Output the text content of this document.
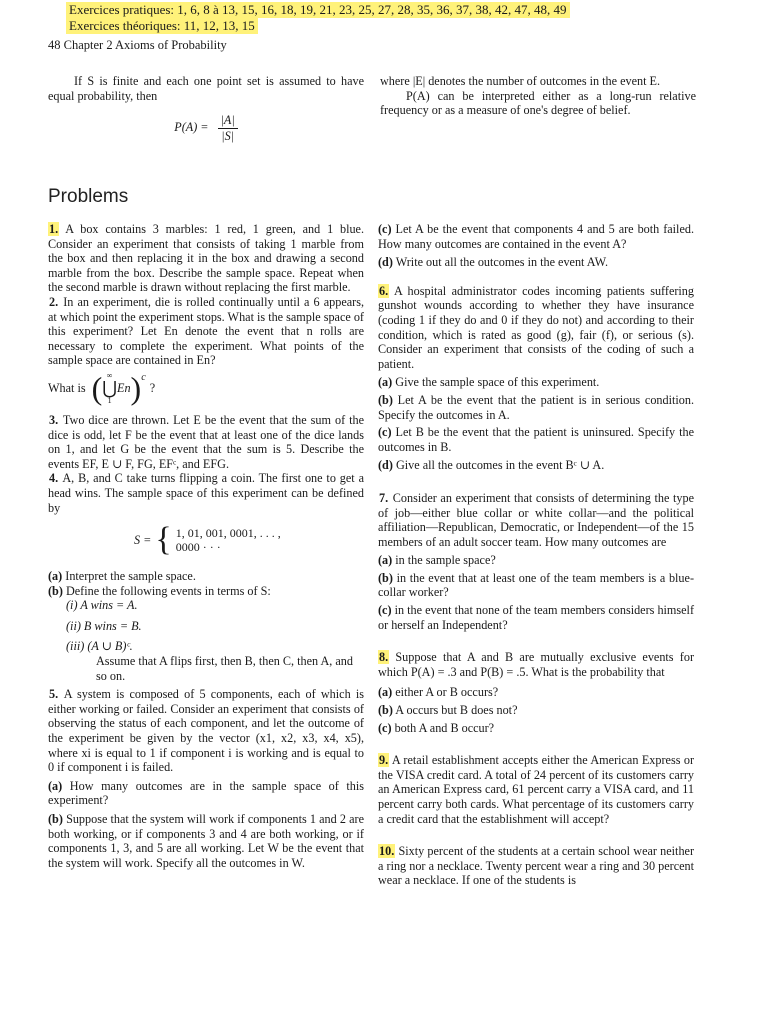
Exercices pratiques: 1, 6, 8 à 13, 15, 16, 18, 19, 21, 23, 25, 27, 28, 35, 36, 37, 38, 42, 47, 48, 49
Exercices théoriques: 11, 12, 13, 15
48 Chapter 2 Axioms of Probability

If S is finite and each one point set is assumed to have equal probability, then

$P(A) = \frac{|A|}{|S|}$

where |E| denotes the number of outcomes in the event E.

P(A) can be interpreted either as a long-run relative frequency or as a measure of one's degree of belief.

Problems

1. A box contains 3 marbles: 1 red, 1 green, and 1 blue. Consider an experiment that consists of taking 1 marble from the box and then replacing it in the box and drawing a second marble from the box. Describe the sample space. Repeat when the second marble is drawn without replacing the first marble.

2. In an experiment, die is rolled continually until a 6 appears, at which point the experiment stops. What is the sample space of this experiment? Let En denote the event that n rolls are necessary to complete the experiment. What points of the sample space are contained in En?

What is ( ∞
⋃
1
En )$^c$
?

3. Two dice are thrown. Let E be the event that the sum of the dice is odd, let F be the event that at least one of the dice lands on 1, and let G be the event that the sum is 5. Describe the events EF, E ∪ F, FG, EFᶜ, and EFG.

4. A, B, and C take turns flipping a coin. The first one to get a head wins. The sample space of this experiment can be defined by

S = { 1, 01, 001, 0001, . . . ,
0000 · · ·

(a) Interpret the sample space.

(b) Define the following events in terms of S:

(i) A wins = A.

(ii) B wins = B.

(iii) (A ∪ B)ᶜ.

Assume that A flips first, then B, then C, then A, and so on.

5. A system is composed of 5 components, each of which is either working or failed. Consider an experiment that consists of observing the status of each component, and let the outcome of the experiment be given by the vector (x1, x2, x3, x4, x5), where xi is equal to 1 if component i is working and is equal to 0 if component i is failed.

(a) How many outcomes are in the sample space of this experiment?

(b) Suppose that the system will work if components 1 and 2 are both working, or if components 3 and 4 are both working, or if components 1, 3, and 5 are all working. Let W be the event that the system will work. Specify all the outcomes in W.

(c) Let A be the event that components 4 and 5 are both failed. How many outcomes are contained in the event A?

(d) Write out all the outcomes in the event AW.

6. A hospital administrator codes incoming patients suffering gunshot wounds according to whether they have insurance (coding 1 if they do and 0 if they do not) and according to their condition, which is rated as good (g), fair (f), or serious (s). Consider an experiment that consists of the coding of such a patient.

(a) Give the sample space of this experiment.

(b) Let A be the event that the patient is in serious condition. Specify the outcomes in A.

(c) Let B be the event that the patient is uninsured. Specify the outcomes in B.

(d) Give all the outcomes in the event Bᶜ ∪ A.

7. Consider an experiment that consists of determining the type of job—either blue collar or white collar—and the political affiliation—Republican, Democratic, or Independent—of the 15 members of an adult soccer team. How many outcomes are

(a) in the sample space?

(b) in the event that at least one of the team members is a blue-collar worker?

(c) in the event that none of the team members considers himself or herself an Independent?

8. Suppose that A and B are mutually exclusive events for which P(A) = .3 and P(B) = .5. What is the probability that

(a) either A or B occurs?

(b) A occurs but B does not?

(c) both A and B occur?

9. A retail establishment accepts either the American Express or the VISA credit card. A total of 24 percent of its customers carry an American Express card, 61 percent carry a VISA card, and 11 percent carry both cards. What percentage of its customers carry a credit card that the establishment will accept?

10. Sixty percent of the students at a certain school wear neither a ring nor a necklace. Twenty percent wear a ring and 30 percent wear a necklace. If one of the students is
